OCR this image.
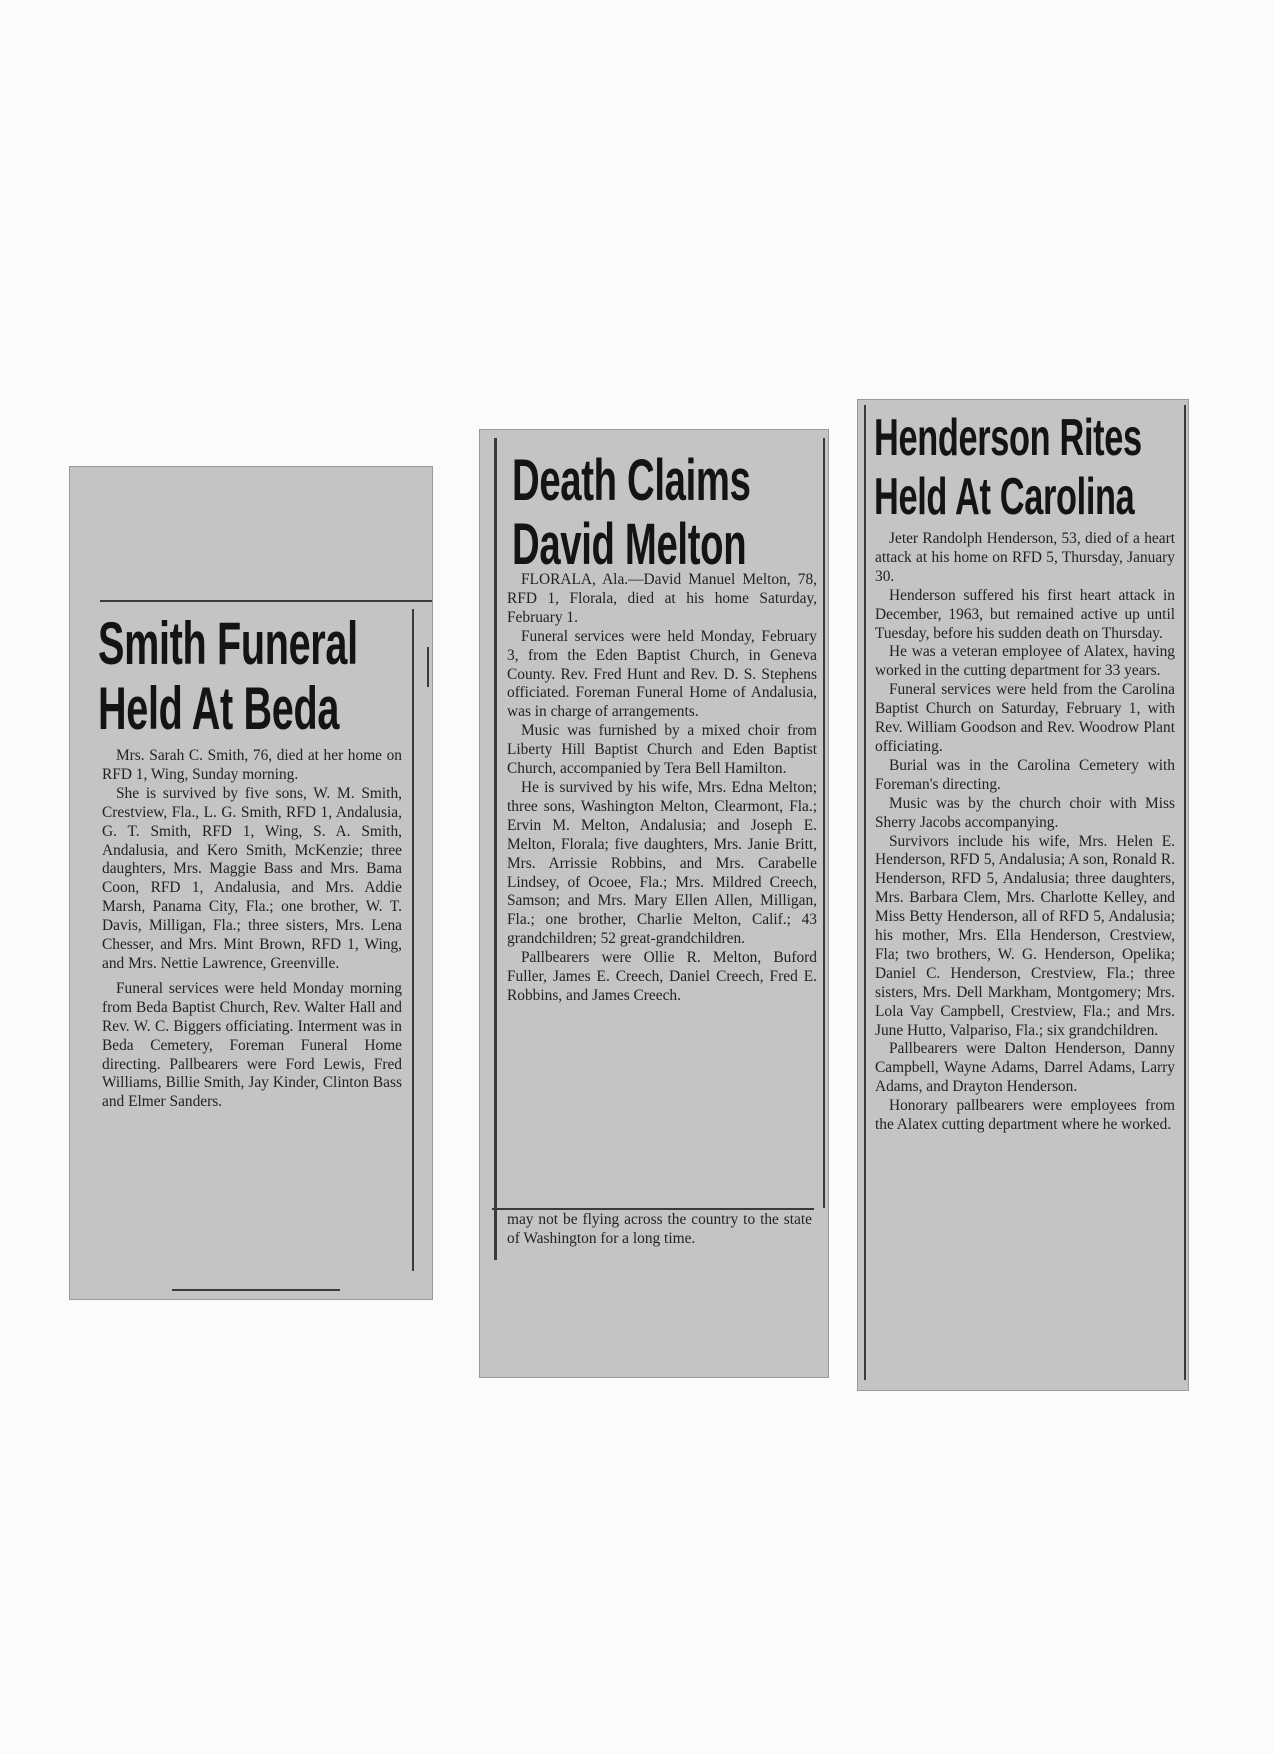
Smith Funeral
Held At Beda

Mrs. Sarah C. Smith, 76, died at her home on RFD 1, Wing, Sunday morning.

She is survived by five sons, W. M. Smith, Crestview, Fla., L. G. Smith, RFD 1, Andalusia, G. T. Smith, RFD 1, Wing, S. A. Smith, Andalusia, and Kero Smith, McKenzie; three daughters, Mrs. Maggie Bass and Mrs. Bama Coon, RFD 1, Andalusia, and Mrs. Addie Marsh, Panama City, Fla.; one brother, W. T. Davis, Milligan, Fla.; three sisters, Mrs. Lena Chesser, and Mrs. Mint Brown, RFD 1, Wing, and Mrs. Nettie Lawrence, Greenville.

Funeral services were held Monday morning from Beda Baptist Church, Rev. Walter Hall and Rev. W. C. Biggers officiating. Interment was in Beda Cemetery, Foreman Funeral Home directing. Pallbearers were Ford Lewis, Fred Williams, Billie Smith, Jay Kinder, Clinton Bass and Elmer Sanders.

Death Claims
David Melton

FLORALA, Ala.—David Manuel Melton, 78, RFD 1, Florala, died at his home Saturday, February 1.

Funeral services were held Monday, February 3, from the Eden Baptist Church, in Geneva County. Rev. Fred Hunt and Rev. D. S. Stephens officiated. Foreman Funeral Home of Andalusia, was in charge of arrangements.

Music was furnished by a mixed choir from Liberty Hill Baptist Church and Eden Baptist Church, accompanied by Tera Bell Hamilton.

He is survived by his wife, Mrs. Edna Melton; three sons, Washington Melton, Clearmont, Fla.; Ervin M. Melton, Andalusia; and Joseph E. Melton, Florala; five daughters, Mrs. Janie Britt, Mrs. Arrissie Robbins, and Mrs. Carabelle Lindsey, of Ocoee, Fla.; Mrs. Mildred Creech, Samson; and Mrs. Mary Ellen Allen, Milligan, Fla.; one brother, Charlie Melton, Calif.; 43 grandchildren; 52 great-grandchildren.

Pallbearers were Ollie R. Melton, Buford Fuller, James E. Creech, Daniel Creech, Fred E. Robbins, and James Creech.

may not be flying across the country to the state of Washington for a long time.

Henderson Rites
Held At Carolina

Jeter Randolph Henderson, 53, died of a heart attack at his home on RFD 5, Thursday, January 30.

Henderson suffered his first heart attack in December, 1963, but remained active up until Tuesday, before his sudden death on Thursday.

He was a veteran employee of Alatex, having worked in the cutting department for 33 years.

Funeral services were held from the Carolina Baptist Church on Saturday, February 1, with Rev. William Goodson and Rev. Woodrow Plant officiating.

Burial was in the Carolina Cemetery with Foreman's directing.

Music was by the church choir with Miss Sherry Jacobs accompanying.

Survivors include his wife, Mrs. Helen E. Henderson, RFD 5, Andalusia; A son, Ronald R. Henderson, RFD 5, Andalusia; three daughters, Mrs. Barbara Clem, Mrs. Charlotte Kelley, and Miss Betty Henderson, all of RFD 5, Andalusia; his mother, Mrs. Ella Henderson, Crestview, Fla; two brothers, W. G. Henderson, Opelika; Daniel C. Henderson, Crestview, Fla.; three sisters, Mrs. Dell Markham, Montgomery; Mrs. Lola Vay Campbell, Crestview, Fla.; and Mrs. June Hutto, Valpariso, Fla.; six grandchildren.

Pallbearers were Dalton Henderson, Danny Campbell, Wayne Adams, Darrel Adams, Larry Adams, and Drayton Henderson.

Honorary pallbearers were employees from the Alatex cutting department where he worked.
